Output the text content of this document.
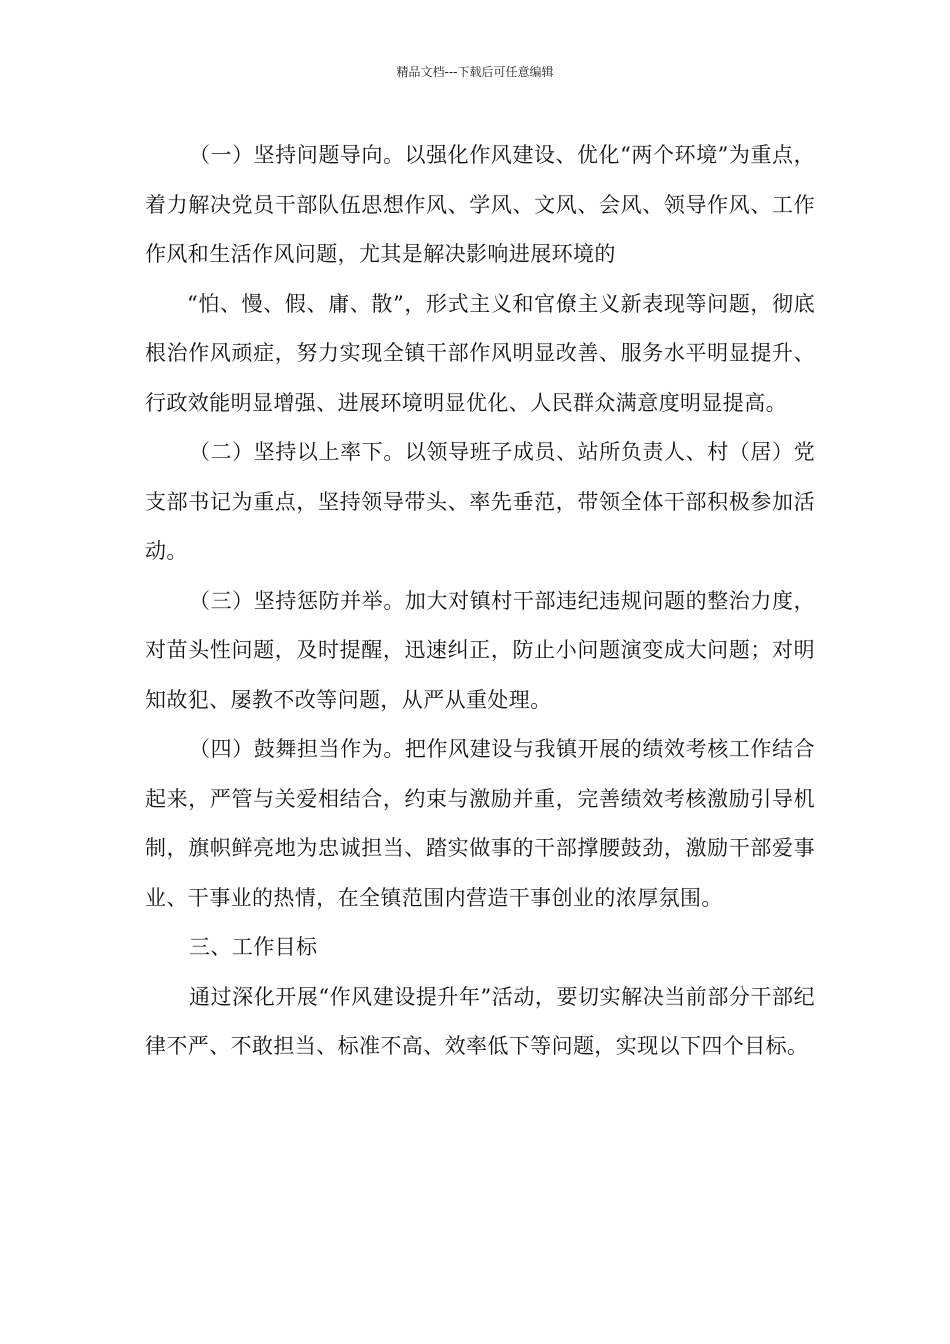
精品文档---下载后可任意编辑

（一）坚持问题导向。以强化作风建设、优化“两个环境”为重点，着力解决党员干部队伍思想作风、学风、文风、会风、领导作风、工作作风和生活作风问题，尤其是解决影响进展环境的

“怕、慢、假、庸、散”，形式主义和官僚主义新表现等问题，彻底根治作风顽症，努力实现全镇干部作风明显改善、服务水平明显提升、行政效能明显增强、进展环境明显优化、人民群众满意度明显提高。

（二）坚持以上率下。以领导班子成员、站所负责人、村（居）党支部书记为重点，坚持领导带头、率先垂范，带领全体干部积极参加活动。

（三）坚持惩防并举。加大对镇村干部违纪违规问题的整治力度，对苗头性问题，及时提醒，迅速纠正，防止小问题演变成大问题；对明知故犯、屡教不改等问题，从严从重处理。

（四）鼓舞担当作为。把作风建设与我镇开展的绩效考核工作结合起来，严管与关爱相结合，约束与激励并重，完善绩效考核激励引导机制，旗帜鲜亮地为忠诚担当、踏实做事的干部撑腰鼓劲，激励干部爱事业、干事业的热情，在全镇范围内营造干事创业的浓厚氛围。

三、工作目标

通过深化开展“作风建设提升年”活动，要切实解决当前部分干部纪律不严、不敢担当、标准不高、效率低下等问题，实现以下四个目标。
